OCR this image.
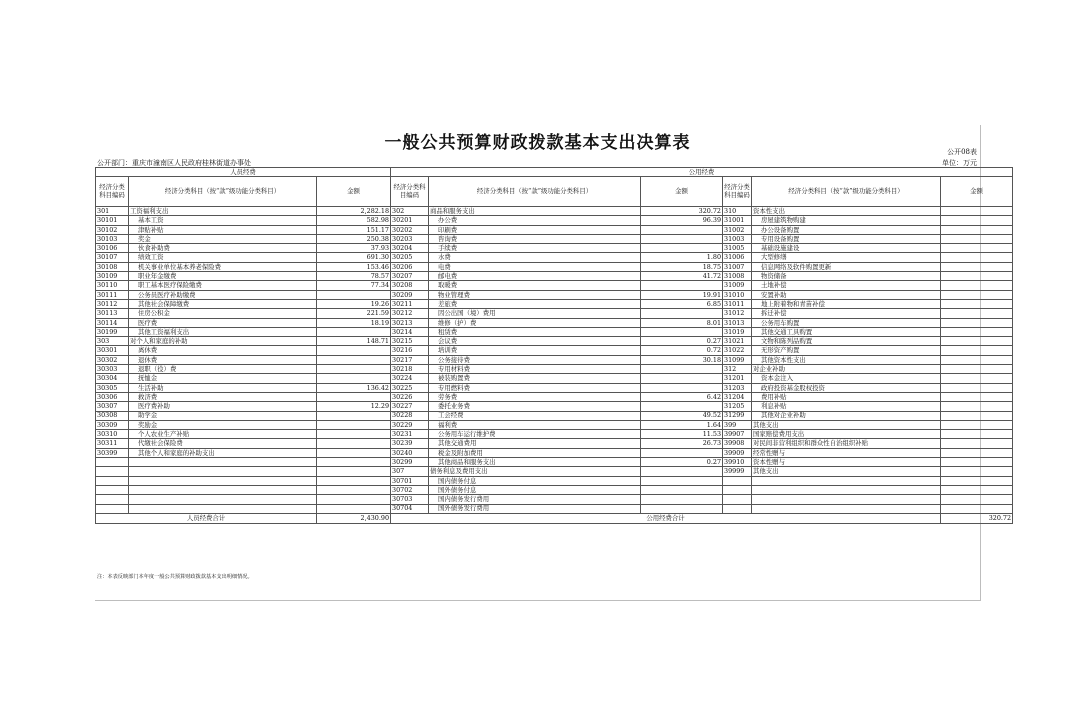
一般公共预算财政拨款基本支出决算表	公开08表
公开部门：重庆市潼南区人民政府桂林街道办事处	单位：万元
人员经费			公用经费					
经济分类科目编码	经济分类科目（按“款”级功能分类科目）	金额	经济分类科目编码	经济分类科目（按“款”级功能分类科目）	金额	经济分类科目编码	经济分类科目（按“款”级功能分类科目）	金额
301	工资福利支出	2,282.18	302	商品和服务支出	320.72	310	资本性支出	
30101	基本工资	582.98	30201	办公费	96.39	31001	房屋建筑物购建	
30102	津贴补贴	151.17	30202	印刷费		31002	办公设备购置	
30103	奖金	250.38	30203	咨询费		31003	专用设备购置	
30106	伙食补助费	37.93	30204	手续费		31005	基础设施建设	
30107	绩效工资	691.30	30205	水费	1.80	31006	大型修缮	
30108	机关事业单位基本养老保险费	153.46	30206	电费	18.75	31007	信息网络及软件购置更新	
30109	职业年金缴费	78.57	30207	邮电费	41.72	31008	物资储备	
30110	职工基本医疗保险缴费	77.34	30208	取暖费		31009	土地补偿	
30111	公务员医疗补助缴费		30209	物业管理费	19.91	31010	安置补助	
30112	其他社会保障缴费	19.26	30211	差旅费	6.85	31011	地上附着物和青苗补偿	
30113	住房公积金	221.59	30212	因公出国（境）费用		31012	拆迁补偿	
30114	医疗费	18.19	30213	维修（护）费	8.01	31013	公务用车购置	
30199	其他工资福利支出		30214	租赁费		31019	其他交通工具购置	
303	对个人和家庭的补助	148.71	30215	会议费	0.27	31021	文物和陈列品购置	
30301	离休费		30216	培训费	0.72	31022	无形资产购置	
30302	退休费		30217	公务接待费	30.18	31099	其他资本性支出	
30303	退职（役）费		30218	专用材料费		312	对企业补助	
30304	抚恤金		30224	被装购置费		31201	资本金注入	
30305	生活补助	136.42	30225	专用燃料费		31203	政府投资基金股权投资	
30306	救济费		30226	劳务费	6.42	31204	费用补贴	
30307	医疗费补助	12.29	30227	委托业务费		31205	利息补贴	
30308	助学金		30228	工会经费	49.52	31299	其他对企业补助	
30309	奖励金		30229	福利费	1.64	399	其他支出	
30310	个人农业生产补贴		30231	公务用车运行维护费	11.53	39907	国家赔偿费用支出	
30311	代缴社会保险费		30239	其他交通费用	26.73	39908	对民间非营利组织和群众性自治组织补贴	
30399	其他个人和家庭的补助支出		30240	税金及附加费用		39909	经常性赠与	
			30299	其他商品和服务支出	0.27	39910	资本性赠与	
			307	债务利息及费用支出		39999	其他支出	
			30701	国内债务付息				
			30702	国外债务付息				
			30703	国内债务发行费用				
			30704	国外债务发行费用				
人员经费合计		2,430.90	公用经费合计					320.72
注：本表反映部门本年度一般公共预算财政拨款基本支出明细情况。
